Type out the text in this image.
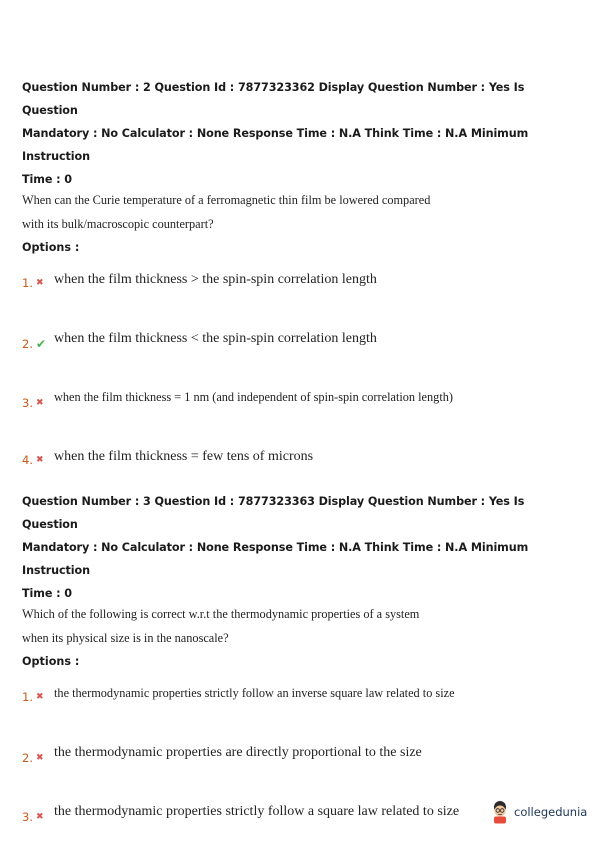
Question Number : 2 Question Id : 7877323362 Display Question Number : Yes Is Question

Mandatory : No Calculator : None Response Time : N.A Think Time : N.A Minimum Instruction

Time : 0

When can the Curie temperature of a ferromagnetic thin film be lowered compared

with its bulk/macroscopic counterpart?

Options :

1. ✖ when the film thickness > the spin-spin correlation length
2. ✔ when the film thickness < the spin-spin correlation length
3. ✖ when the film thickness = 1 nm (and independent of spin-spin correlation length)
4. ✖ when the film thickness = few tens of microns

Question Number : 3 Question Id : 7877323363 Display Question Number : Yes Is Question

Mandatory : No Calculator : None Response Time : N.A Think Time : N.A Minimum Instruction

Time : 0

Which of the following is correct w.r.t the thermodynamic properties of a system

when its physical size is in the nanoscale?

Options :

1. ✖ the thermodynamic properties strictly follow an inverse square law related to size
2. ✖ the thermodynamic properties are directly proportional to the size
3. ✖ the thermodynamic properties strictly follow a square law related to size	collegedunia
